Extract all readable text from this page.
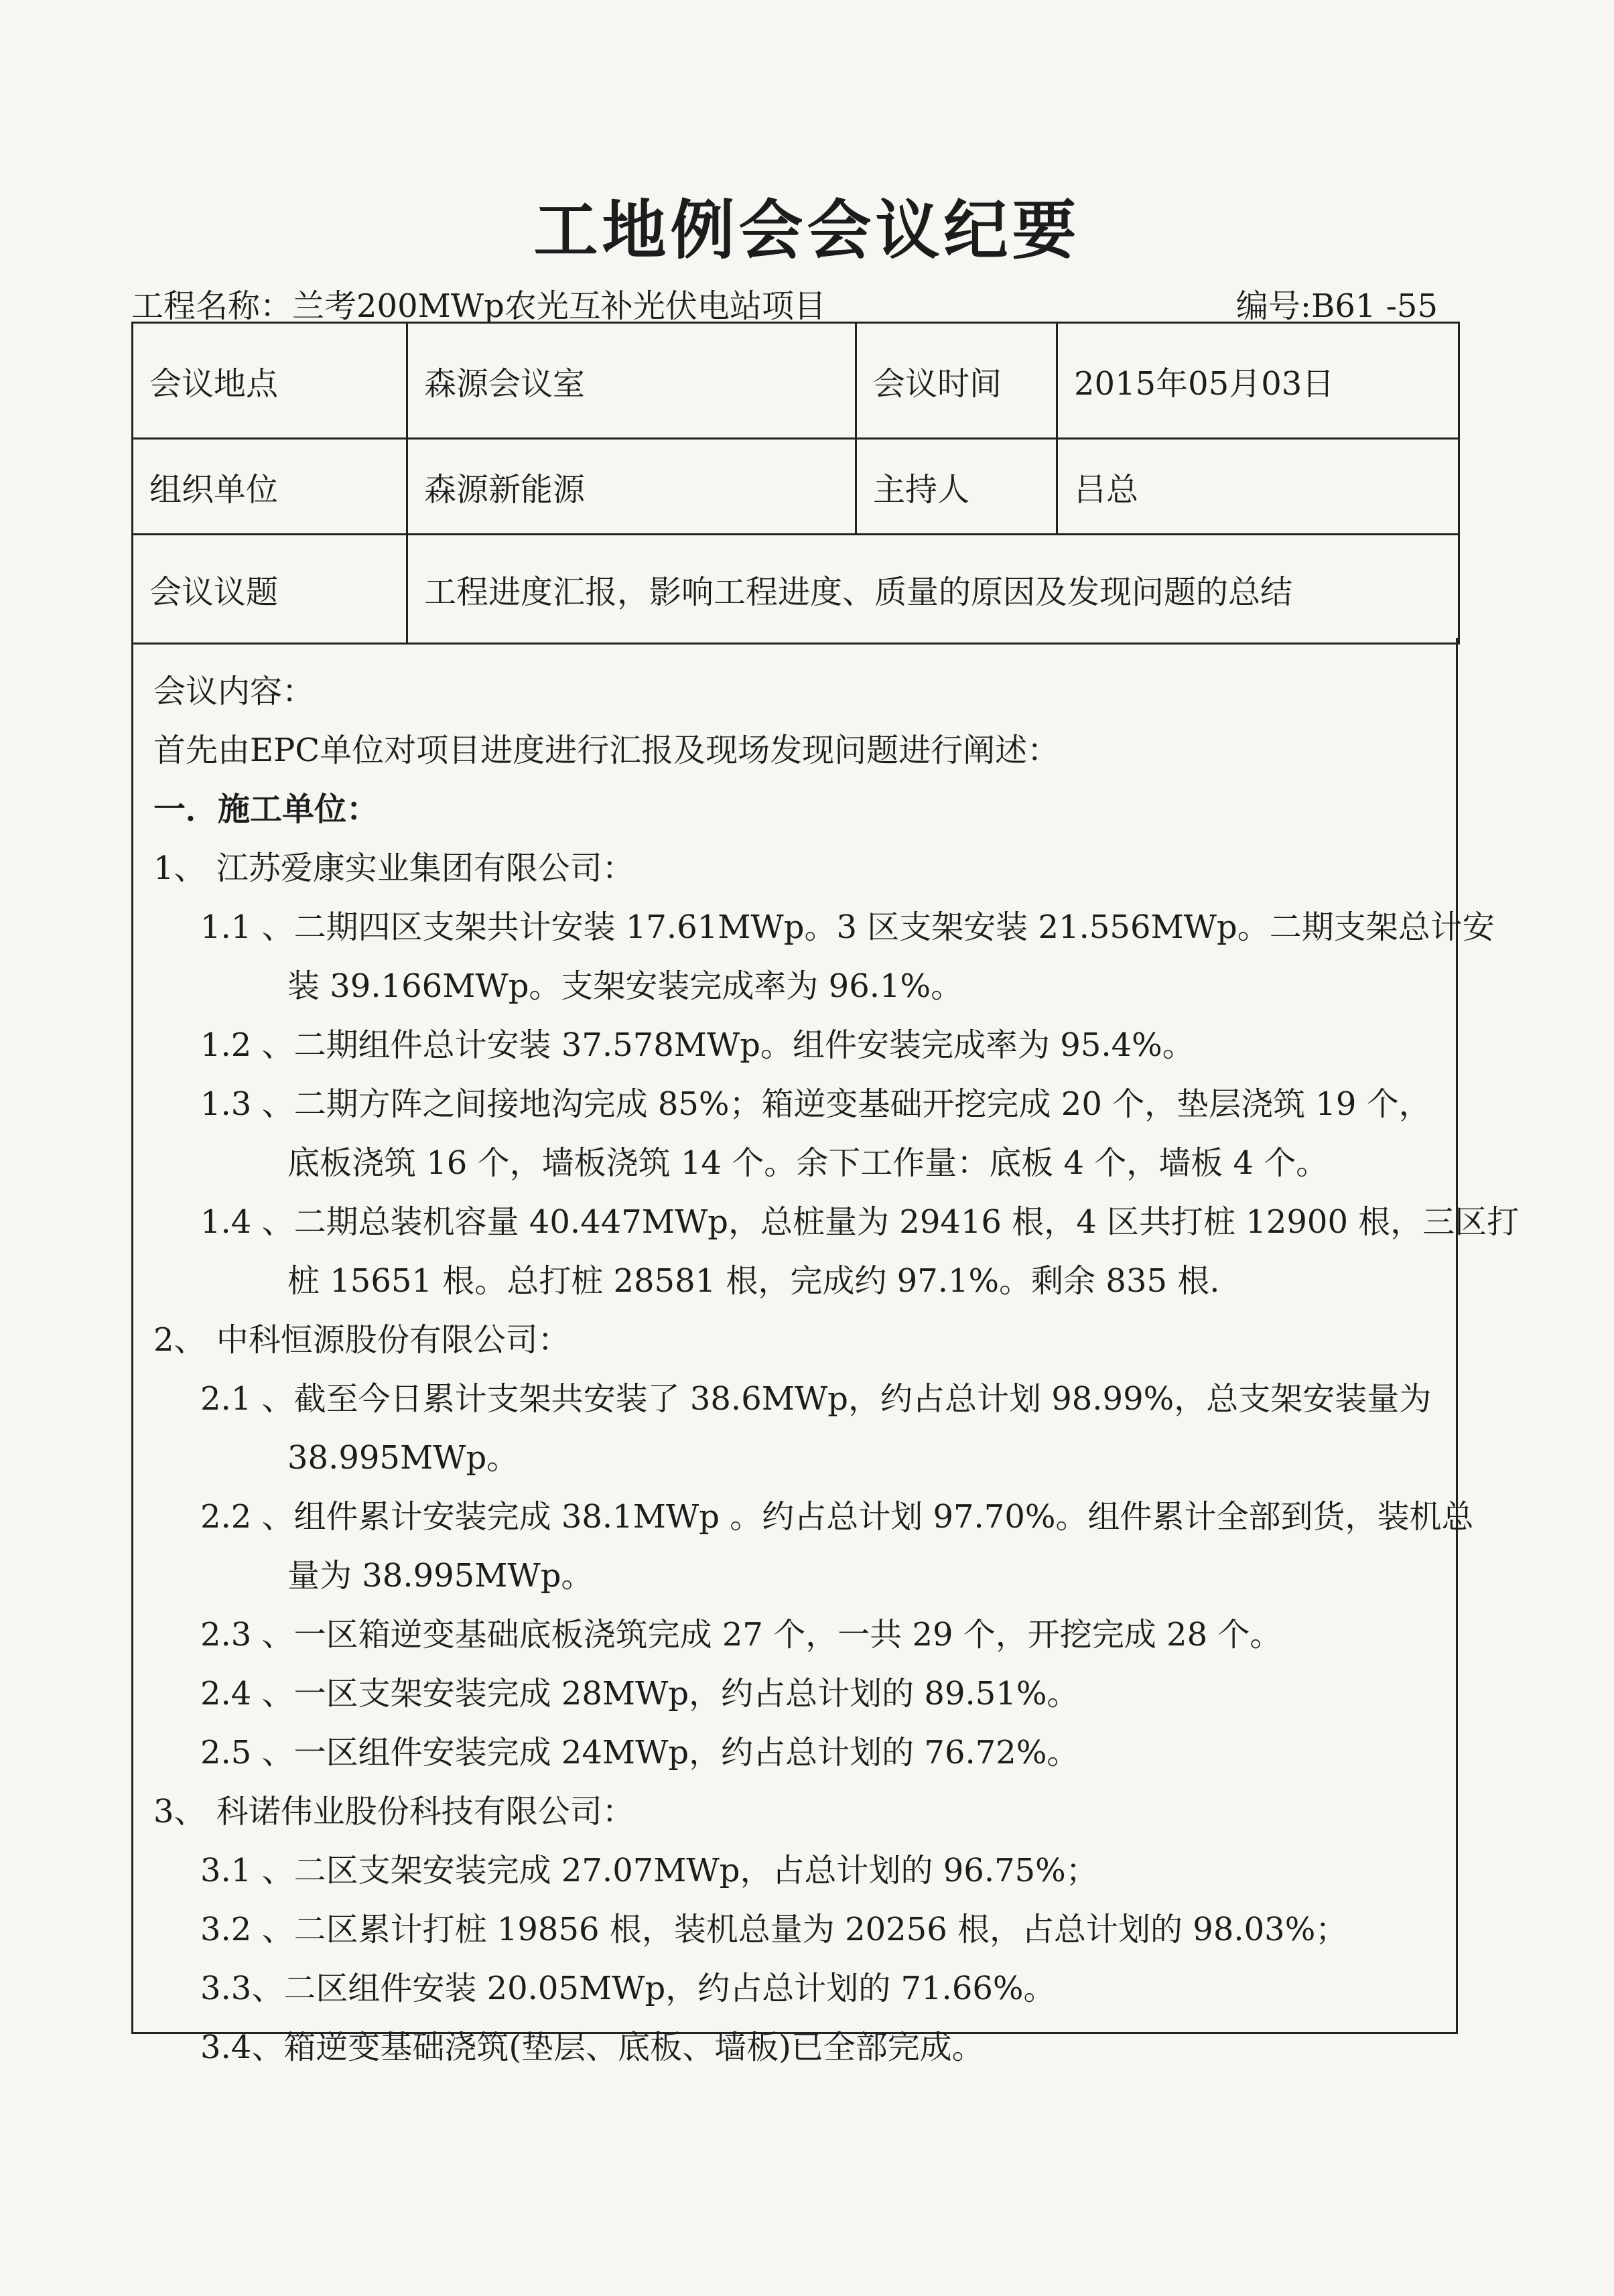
工地例会会议纪要
工程名称：兰考200MWp农光互补光伏电站项目	编号:B61 -55
会议地点	森源会议室	会议时间	2015年05月03日
组织单位	森源新能源	主持人	吕总
会议议题	工程进度汇报，影响工程进度、质量的原因及发现问题的总结		
会议内容：
首先由EPC单位对项目进度进行汇报及现场发现问题进行阐述：
一．施工单位：
1、 江苏爱康实业集团有限公司：
1.1 、二期四区支架共计安装 17.61MWp。3 区支架安装 21.556MWp。二期支架总计安
装 39.166MWp。支架安装完成率为 96.1%。
1.2 、二期组件总计安装 37.578MWp。组件安装完成率为 95.4%。
1.3 、二期方阵之间接地沟完成 85%；箱逆变基础开挖完成 20 个，垫层浇筑 19 个，
底板浇筑 16 个，墙板浇筑 14 个。余下工作量：底板 4 个，墙板 4 个。
1.4 、二期总装机容量 40.447MWp，总桩量为 29416 根，4 区共打桩 12900 根，三区打
桩 15651 根。总打桩 28581 根，完成约 97.1%。剩余 835 根.
2、 中科恒源股份有限公司：
2.1 、截至今日累计支架共安装了 38.6MWp，约占总计划 98.99%，总支架安装量为
38.995MWp。
2.2 、组件累计安装完成 38.1MWp 。约占总计划 97.70%。组件累计全部到货，装机总
量为 38.995MWp。
2.3 、一区箱逆变基础底板浇筑完成 27 个，一共 29 个，开挖完成 28 个。
2.4 、一区支架安装完成 28MWp，约占总计划的 89.51%。
2.5 、一区组件安装完成 24MWp，约占总计划的 76.72%。
3、 科诺伟业股份科技有限公司：
3.1 、二区支架安装完成 27.07MWp，占总计划的 96.75%；
3.2 、二区累计打桩 19856 根，装机总量为 20256 根，占总计划的 98.03%；
3.3、二区组件安装 20.05MWp，约占总计划的 71.66%。
3.4、箱逆变基础浇筑(垫层、底板、墙板)已全部完成。
